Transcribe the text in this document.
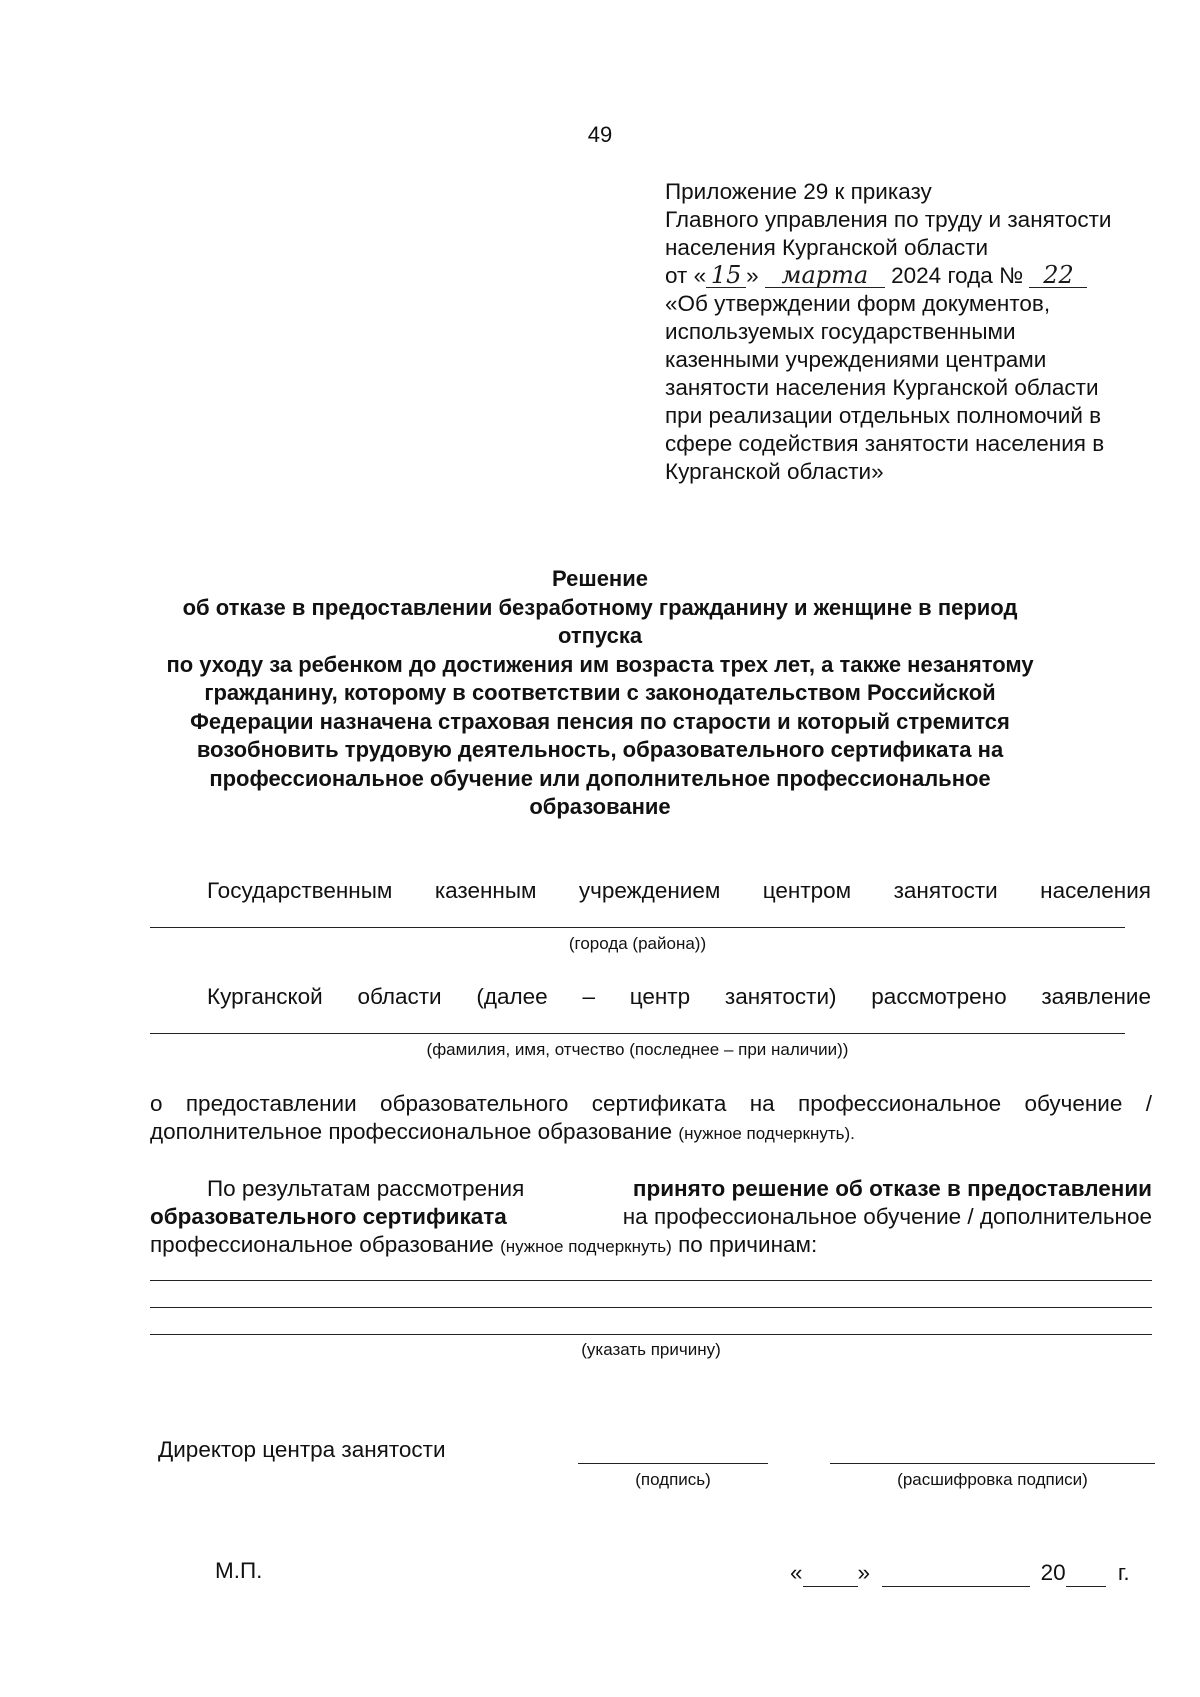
49
Приложение 29 к приказу
Главного управления по труду и занятости
населения Курганской области
от « 15 » марта 2024 года № 22
«Об утверждении форм документов,
используемых государственными
казенными учреждениями центрами
занятости населения Курганской области
при реализации отдельных полномочий в
сфере содействия занятости населения в
Курганской области»
Решение
об отказе в предоставлении безработному гражданину и женщине в период
отпуска
по уходу за ребенком до достижения им возраста трех лет, а также незанятому
гражданину, которому в соответствии с законодательством Российской
Федерации назначена страховая пенсия по старости и который стремится
возобновить трудовую деятельность, образовательного сертификата на
профессиональное обучение или дополнительное профессиональное
образование
Государственным казенным учреждением центром занятости населения
(города (района))
Курганской области (далее – центр занятости) рассмотрено заявление
(фамилия, имя, отчество (последнее – при наличии))
о предоставлении образовательного сертификата на профессиональное обучение /
дополнительное профессиональное образование (нужное подчеркнуть).
По результатам рассмотрения	принято решение об отказе в предоставлении
образовательного сертификата	на профессиональное обучение / дополнительное
профессиональное образование (нужное подчеркнуть) по причинам:
(указать причину)
Директор центра занятости
(подпись)	(расшифровка подписи)
М.П.	« »	20 г.
